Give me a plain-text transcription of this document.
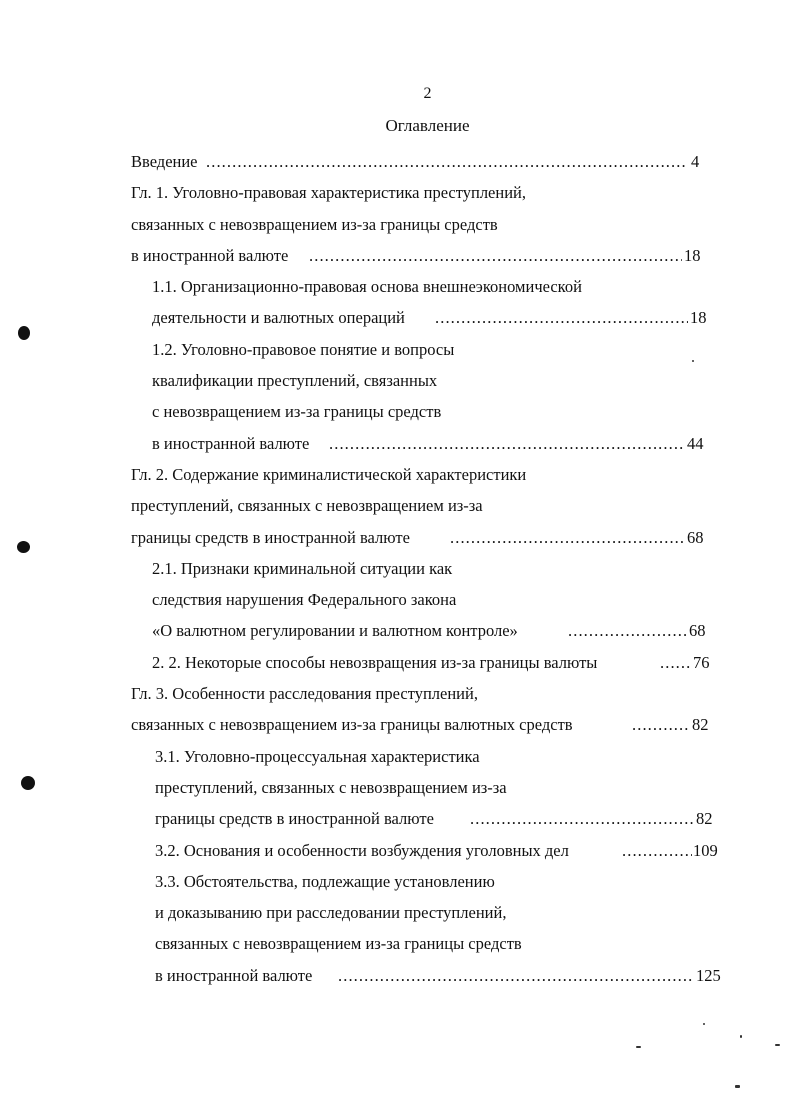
2
Оглавление
Введение .....	4
Гл. 1. Уголовно-правовая характеристика преступлений,
связанных с невозвращением из-за границы средств
в иностранной валюте .....	18
1.1. Организационно-правовая основа внешнеэкономической
деятельности и валютных операций .....	18
1.2. Уголовно-правовое понятие и вопросы
квалификации преступлений, связанных
с невозвращением из-за границы средств
в иностранной валюте .....	44
Гл. 2. Содержание криминалистической характеристики
преступлений, связанных с невозвращением из-за
границы средств в иностранной валюте .....	68
2.1. Признаки криминальной ситуации как
следствия нарушения Федерального закона
«О валютном регулировании и валютном контроле» .....	68
2. 2. Некоторые способы невозвращения из-за границы валюты .....	76
Гл. 3. Особенности расследования преступлений,
связанных с невозвращением из-за границы валютных средств .....	82
3.1. Уголовно-процессуальная характеристика
преступлений, связанных с невозвращением из-за
границы средств в иностранной валюте .....	82
3.2. Основания и особенности возбуждения уголовных дел .....	109
3.3. Обстоятельства, подлежащие установлению
и доказыванию при расследовании преступлений,
связанных с невозвращением из-за границы средств
в иностранной валюте .....	125
